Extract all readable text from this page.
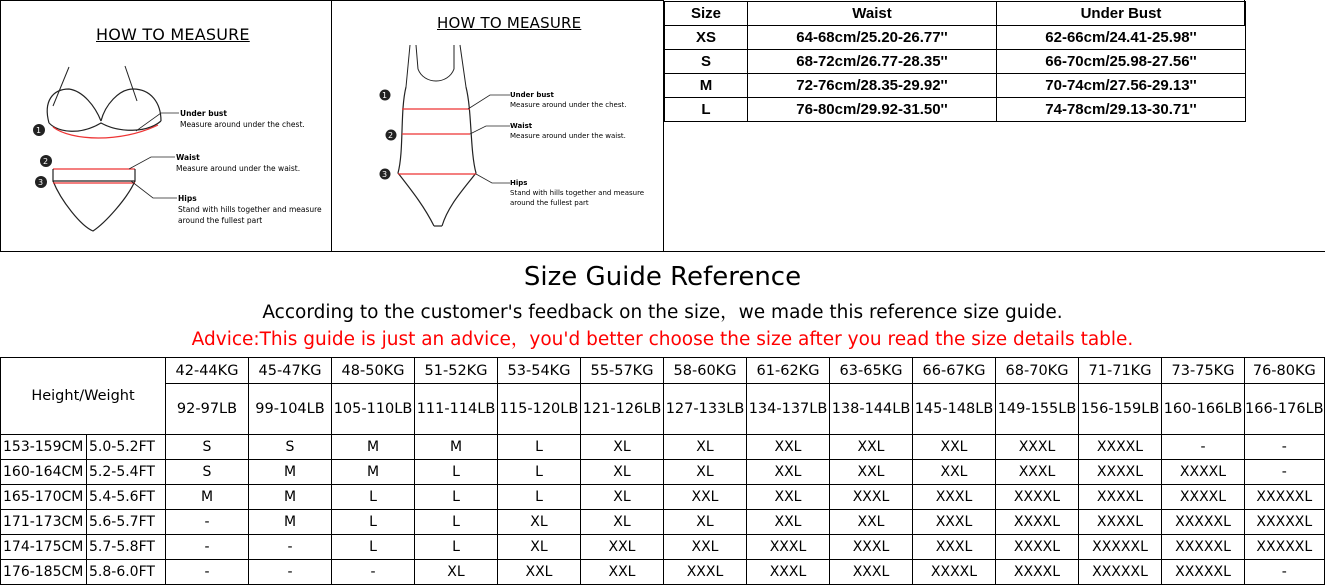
HOW TO MEASURE
1
2
3
Under bust
Measure around under the chest.
Waist
Measure around under the waist.
Hips
Stand with hills together and measure
around the fullest part
HOW TO MEASURE
1
2
3
Under bust
Measure around under the chest.
Waist
Measure around under the waist.
Hips
Stand with hills together and measure
around the fullest part
Size	Waist	Under Bust
XS	64-68cm/25.20-26.77''	62-66cm/24.41-25.98''
S	68-72cm/26.77-28.35''	66-70cm/25.98-27.56''
M	72-76cm/28.35-29.92''	70-74cm/27.56-29.13''
L	76-80cm/29.92-31.50''	74-78cm/29.13-30.71''
Size Guide Reference
According to the customer's feedback on the size，we made this reference size guide.
Advice:This guide is just an advice，you'd better choose the size after you read the size details table.
Height/Weight		42-44KG	45-47KG	48-50KG	51-52KG	53-54KG	55-57KG	58-60KG	61-62KG	63-65KG	66-67KG	68-70KG	71-71KG	73-75KG	76-80KG
		92-97LB	99-104LB	105-110LB	111-114LB	115-120LB	121-126LB	127-133LB	134-137LB	138-144LB	145-148LB	149-155LB	156-159LB	160-166LB	166-176LB
153-159CM	5.0-5.2FT	S	S	M	M	L	XL	XL	XXL	XXL	XXL	XXXL	XXXXL	-	-
160-164CM	5.2-5.4FT	S	M	M	L	L	XL	XL	XXL	XXL	XXL	XXXL	XXXXL	XXXXL	-
165-170CM	5.4-5.6FT	M	M	L	L	L	XL	XXL	XXL	XXXL	XXXL	XXXXL	XXXXL	XXXXL	XXXXXL
171-173CM	5.6-5.7FT	-	M	L	L	XL	XL	XL	XXL	XXL	XXXL	XXXXL	XXXXL	XXXXXL	XXXXXL
174-175CM	5.7-5.8FT	-	-	L	L	XL	XXL	XXL	XXXL	XXXL	XXXL	XXXXL	XXXXXL	XXXXXL	XXXXXL
176-185CM	5.8-6.0FT	-	-	-	XL	XXL	XXL	XXXL	XXXL	XXXL	XXXXL	XXXXL	XXXXXL	XXXXXL	-
